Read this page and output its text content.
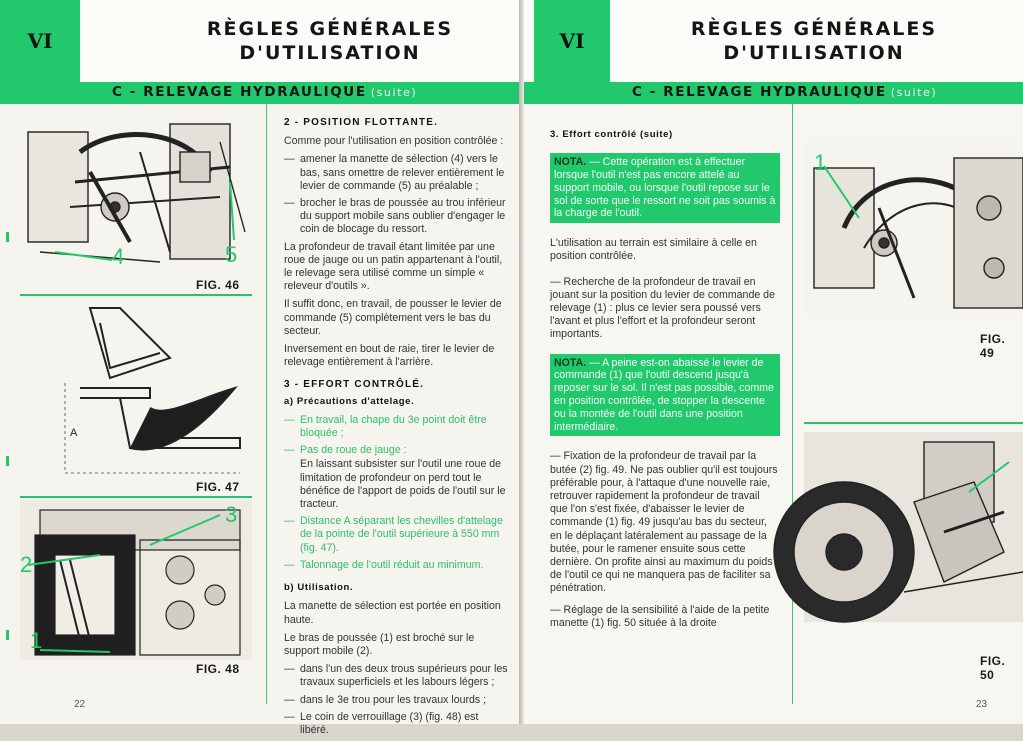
VI	RÈGLES GÉNÉRALES
D'UTILISATION
C - RELEVAGE HYDRAULIQUE (suite)
4	5
FIG. 46
A
FIG. 47
3
2
1
FIG. 48
2 - POSITION FLOTTANTE.

Comme pour l'utilisation en position contrôlée :

— amener la manette de sélection (4) vers le bas, sans omettre de relever entièrement le levier de commande (5) au préalable ;
— brocher le bras de poussée au trou inférieur du support mobile sans oublier d'engager le coin de blocage du ressort.

La profondeur de travail étant limitée par une roue de jauge ou un patin appartenant à l'outil, le relevage sera utilisé comme un simple « releveur d'outils ».

Il suffit donc, en travail, de pousser le levier de commande (5) complètement vers le bas du secteur.

Inversement en bout de raie, tirer le levier de relevage entièrement à l'arrière.

3 - EFFORT CONTRÔLÉ.
a) Précautions d'attelage.
— En travail, la chape du 3e point doit être bloquée ;
— Pas de roue de jauge :
En laissant subsister sur l'outil une roue de limitation de profondeur on perd tout le bénéfice de l'apport de poids de l'outil sur le tracteur.
— Distance A séparant les chevilles d'attelage de la pointe de l'outil supérieure à 550 mm (fig. 47).
— Talonnage de l'outil réduit au minimum.
b) Utilisation.

La manette de sélection est portée en position haute.

Le bras de poussée (1) est broché sur le support mobile (2).

— dans l'un des deux trous supérieurs pour les travaux superficiels et les labours légers ;
— dans le 3e trou pour les travaux lourds ;
— Le coin de verrouillage (3) (fig. 48) est libéré.
22
VI	RÈGLES GÉNÉRALES
D'UTILISATION
C - RELEVAGE HYDRAULIQUE (suite)
3. Effort contrôlé (suite)
NOTA. — Cette opération est à effectuer lorsque l'outil n'est pas encore attelé au support mobile, ou lorsque l'outil repose sur le sol de sorte que le ressort ne soit pas soumis à la charge de l'outil.

L'utilisation au terrain est similaire à celle en position contrôlée.

— Recherche de la profondeur de travail en jouant sur la position du levier de commande de relevage (1) : plus ce levier sera poussé vers l'avant et plus l'effort et la profondeur seront importants.

NOTA. — A peine est-on abaissé le levier de commande (1) que l'outil descend jusqu'à reposer sur le sol. Il n'est pas possible, comme en position contrôlée, de stopper la descente ou la montée de l'outil dans une position intermédiaire.

— Fixation de la profondeur de travail par la butée (2) fig. 49. Ne pas oublier qu'il est toujours préférable pour, à l'attaque d'une nouvelle raie, retrouver rapidement la profondeur de travail que l'on s'est fixée, d'abaisser le levier de commande (1) fig. 49 jusqu'au bas du secteur, en le déplaçant latéralement au passage de la butée, pour le ramener ensuite sous cette dernière. On profite ainsi au maximum du poids de l'outil ce qui ne manquera pas de faciliter sa pénétration.

— Réglage de la sensibilité à l'aide de la petite manette (1) fig. 50 située à la droite

1
FIG. 49
FIG. 50
23
